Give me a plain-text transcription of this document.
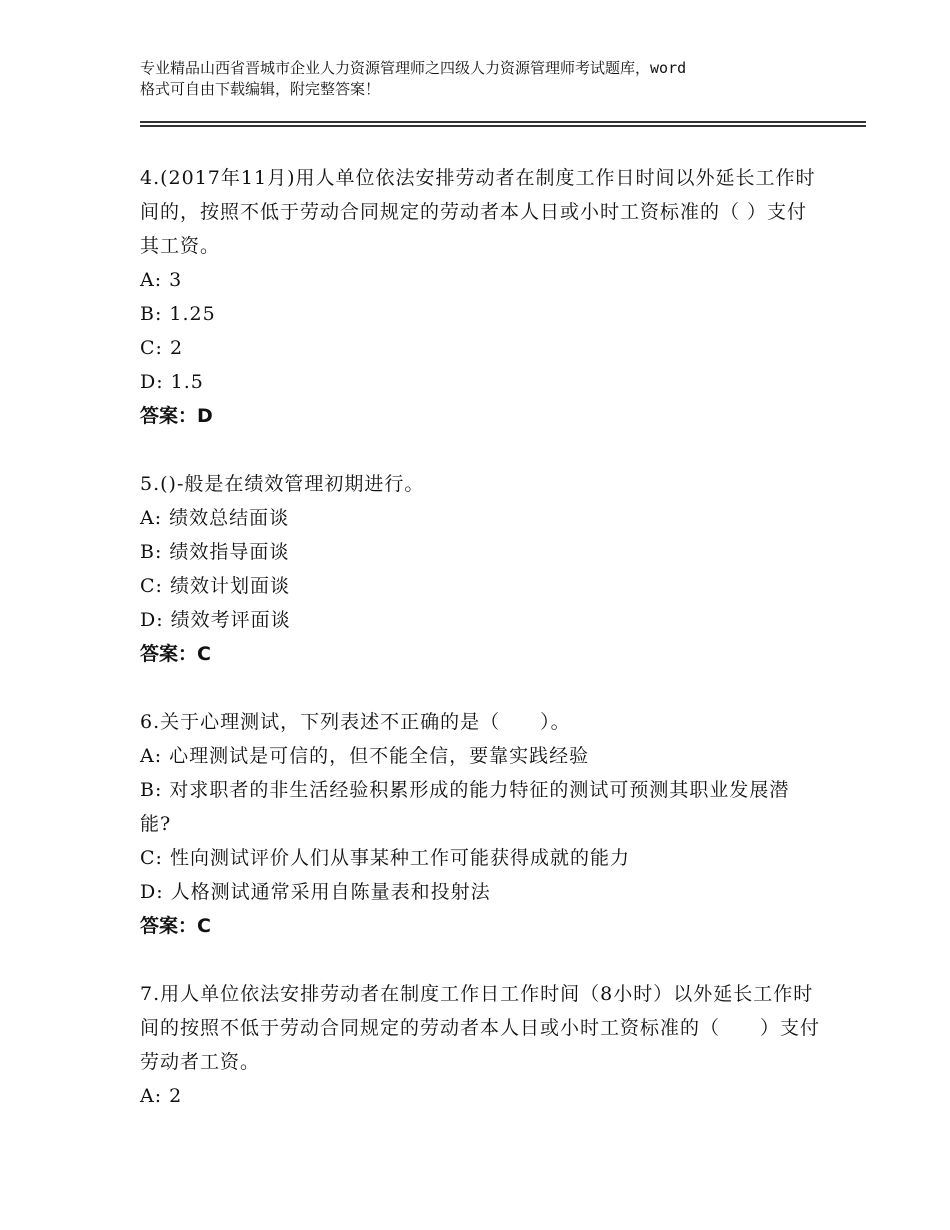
专业精品山西省晋城市企业人力资源管理师之四级人力资源管理师考试题库，word
格式可自由下载编辑，附完整答案！

4.(2017年11月)用人单位依法安排劳动者在制度工作日时间以外延长工作时间的，按照不低于劳动合同规定的劳动者本人日或小时工资标准的（ ）支付其工资。

A: 3

B: 1.25

C: 2

D: 1.5

答案：D

5.()-般是在绩效管理初期进行。

A: 绩效总结面谈

B: 绩效指导面谈

C: 绩效计划面谈

D: 绩效考评面谈

答案：C

6.关于心理测试，下列表述不正确的是（　　）。

A: 心理测试是可信的，但不能全信，要靠实践经验

B: 对求职者的非生活经验积累形成的能力特征的测试可预测其职业发展潜能?

C: 性向测试评价人们从事某种工作可能获得成就的能力

D: 人格测试通常采用自陈量表和投射法

答案：C

7.用人单位依法安排劳动者在制度工作日工作时间（8小时）以外延长工作时间的按照不低于劳动合同规定的劳动者本人日或小时工资标准的（　　）支付劳动者工资。

A: 2
